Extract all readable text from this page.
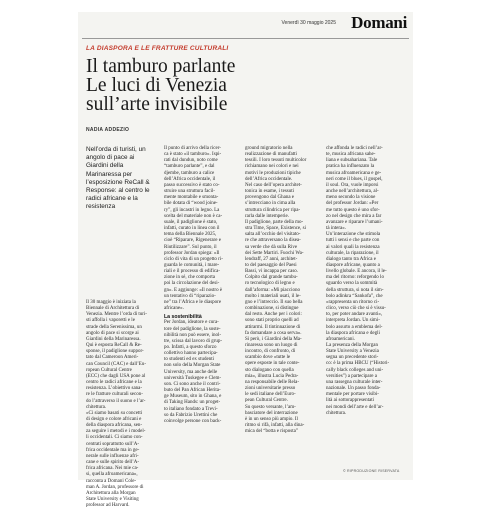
Venerdì 30 maggio 2025 Domani
LA DIASPORA E LE FRATTURE CULTURALI
Il tamburo parlante
Le luci di Venezia
sull’arte invisibile
NADIA ADDEZIO
Nell’orda di turisti, un angolo di pace ai Giardini della Marinaressa per l’esposizione ReCall & Response: al centro le radici africane e la resistenza
Il 30 maggio è iniziata la
Biennale di Architettura di
Venezia. Mentre l’orda di turi-
sti affolla i vaporetti e le
strade della Serenissima, un
angolo di pace si scorge ai
Giardini della Marinaressa.
Qui è esposta ReCall & Re-
sponse, il padiglione suppor-
tato dal Cameroon Ameri-
can Council (CAC) e dall’Eu-
ropean Cultural Centre
(ECC) che dagli USA pone al
centro le radici africane e la
resistenza. L’obiettivo sana-
re le fratture culturali secon-
do l’attraverso il suono e l’ar-
chitettura.
«Ci siamo basati su concetti
di design e colore africani e
della diaspora africana, sen-
za seguire i metodi e i model-
li occidentali. Ci siamo con-
centrati soprattutto sull’A-
frica occidentale ma in ge-
nerale sulle influenze afri-
cane e sulle spirito dell’A-
frica africana. Nei mie ca-
si, quella afroamericana»,
racconta a Domani Cole-
man A. Jordan, professore di
Architettura alla Morgan
State University e Visiting
professor ad Harvard.
Il punto di arrivo della ricer-
ca è stato «il tamburo». Ispi-
rati dal dundun, noto come
“tamburo parlante”, e dal
djembe, tamburo a calice
dell’Africa occidentale, il
passo successivo è stato co-
struire una struttura facil-
mente montabile e smonta-
bile dotata di “wood joine-
ry”, gli incastri in legno. La
scelta del materiale non è ca-
suale, il padiglione è stato,
infatti, curato in linea con il
tema della Biennale 2025,
cioè “Riparare, Rigenerare e
Riutilizzare”. Sul punto, il
professor Jordan spiega: «Il
ciclo di vita di un progetto ri-
guarda le comunità, i mare-
riali e il processo di edifica-
zione in sé, che comporta
poi la circolazione del desi-
gn». E aggiunge: «Il nostro è
un tentativo di “riparazio-
ne” tra l’Africa e le diaspore
africane».
La sostenibilità
Per Jordan, ideatore e cura-
tore del padiglione, la soste-
nibilità non può essere, inol-
tre, scissa dal lavoro di grup-
po. Infatti, a questo sforzo
collettivo hanno partecipa-
to studenti ed ex studenti
non solo della Morgan State
University, ma anche delle
università Tuskegee e Clem-
son. Ci sono anche il contri-
buto del Pan African Herita-
ge Museum, sito in Ghana, e
di Taking Hands: un proget-
to italiano fondato a Trevi-
so da Fabrizio Urettini che
coinvolge persone con back-
ground migratorio nella
realizzazione di manufatti
tessili. I loro tessuti multicolor
richiamano nei colori e nei
motivi le produzioni tipiche
dell’Africa occidentale.
Nel caso dell’opera architet-
tonica in esame, i tessuti
provengono dal Ghana e
s’intrecciano in cima alla
struttura cilindrica per ripa-
rarla dalle intemperie.
Il padiglione, parte della mo-
stra Time, Space, Existence, si
salta all’occhio del visitato-
re che attraversano la disea-
sa verde che dà sulla Rive
dei Sette Martiri. Fuochi Wa-
lendraff, 27 anni, architet-
to del paesaggio del Paesi
Bassi, vi incappa per caso.
Colpito dal grande tambu-
ro tecnologico di legno e
dall’aforma: «Mi piacciono
molto i materiali usati, il le-
gno e l’intreccio. Il suo bella
combinazione, si distingue
dal resto. Anche per i colori:
sono stati proprio quelli ad
attirarmi. Il tintinnazione di
fa domandare a cosa serva».
Si però, i Giardini della Ma-
rinaressa sono un luogo di
incontro, di confronto, di
scambio dove «tutte le
opere esposte in tale conte-
sto dialogano con quella
mia», illustra Lucia Pedra-
na responsabile delle Rela-
zioni universitarie presso
le sedi italiane dell’Euro-
pean Cultural Centre.
Su questo versante, l’am-
basciatore del interrazione
è in un senso più ampio. Il
ritmo si rifà, infatti, alla dina-
mica del “botta e risposta”
che affonda le radici nell’ar-
te, musica africana sahe-
liana e subsahariana. Tale
pratica ha influenzato la
musica afroamericana e ge-
neri come il blues, il gospel,
il soul. Ora, vuole imporsi
anche nell’architettura, al-
meno secondo la visione
del professor Jordan: «Per
me tutto questo è uno sfor-
zo nel design che mira a far
avanzare e riparare l’umani-
tà intera».
Un’interazione che stimola
tutti i sensi e che parte con
ai valori quali la resistenza
culturale, la riparazione, il
dialogo tanto tra Africa e
diaspore africane, quanto a
livello globale. E ancora, il le-
ma del ritorno: reforgendo lo
sguardo verso la sommità
della struttura, si nota il sim-
bolo adinkra “Sankofa”, che
«rappresenta un ritorno ci-
clico, verso ciò che si è vissu-
to, per poter andare avanti»,
interpreta Jordan. Un simi-
bolo assurto a emblema del-
la diaspora africana e degli
afroamericani.
La presenza della Morgan
State University a Venezia
segna un precedente stori-
co: è la prima HBCU (“Histori-
cally black colleges and uni-
versities”) a partecipare a
una rassegna culturale inter-
nazionale. Un passo fonda-
mentale per portare visibi-
lità ai sottorappresentati
nei mondi dell’arte e dell’ar-
chitettura.
© RIPRODUZIONE RISERVATA
